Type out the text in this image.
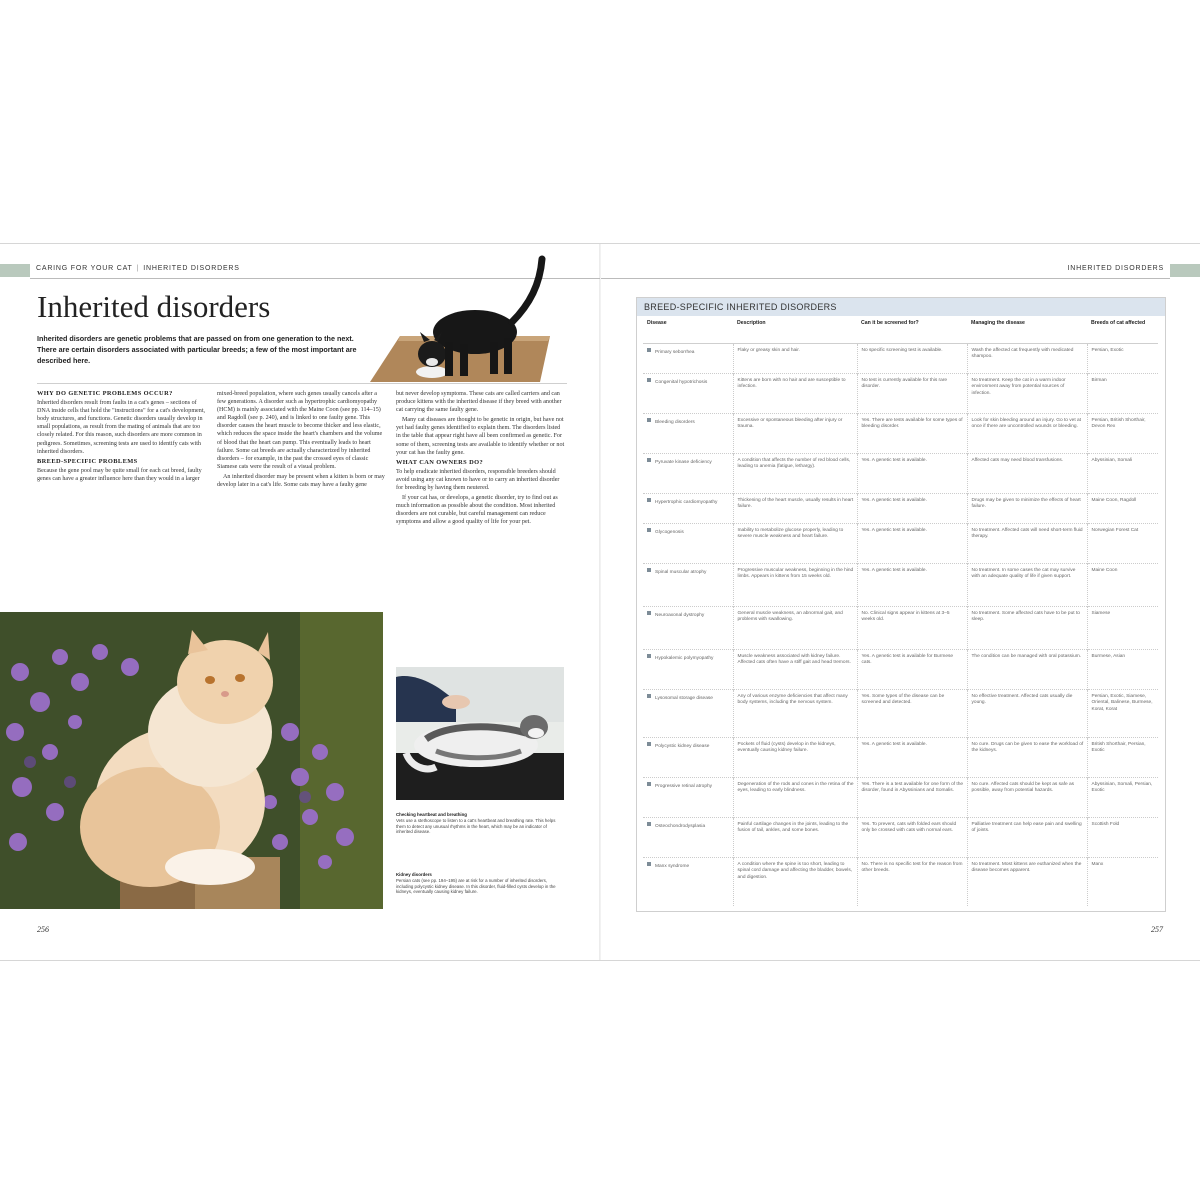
CARING FOR YOUR CAT | INHERITED DISORDERS
Inherited disorders
Inherited disorders are genetic problems that are passed on from one generation to the next. There are certain disorders associated with particular breeds; a few of the most important are described here.
WHY DO GENETIC PROBLEMS OCCUR?

Inherited disorders result from faults in a cat's genes – sections of DNA inside cells that hold the "instructions" for a cat's development, body structures, and functions. Genetic disorders usually develop in small populations, as result from the mating of animals that are too closely related. For this reason, such disorders are more common in pedigrees. Sometimes, screening tests are used to identify cats with inherited disorders.

BREED-SPECIFIC PROBLEMS

Because the gene pool may be quite small for each cat breed, faulty genes can have a greater influence here than they would in a larger

mixed-breed population, where such genes usually cancels after a few generations. A disorder such as hypertrophic cardiomyopathy (HCM) is mainly associated with the Maine Coon (see pp. 114–15) and Ragdoll (see p. 240), and is linked to one faulty gene. This disorder causes the heart muscle to become thicker and less elastic, which reduces the space inside the heart's chambers and the volume of blood that the heart can pump. This eventually leads to heart failure. Some cat breeds are actually characterized by inherited disorders – for example, in the past the crossed eyes of classic Siamese cats were the result of a visual problem.

An inherited disorder may be present when a kitten is born or may develop later in a cat's life. Some cats may have a faulty gene

but never develop symptoms. These cats are called carriers and can produce kittens with the inherited disease if they breed with another cat carrying the same faulty gene.

Many cat diseases are thought to be genetic in origin, but have not yet had faulty genes identified to explain them. The disorders listed in the table that appear right have all been confirmed as genetic. For some of them, screening tests are available to identify whether or not your cat has the faulty gene.

WHAT CAN OWNERS DO?

To help eradicate inherited disorders, responsible breeders should avoid using any cat known to have or to carry an inherited disorder for breeding by having them neutered.

If your cat has, or develops, a genetic disorder, try to find out as much information as possible about the condition. Most inherited disorders are not curable, but careful management can reduce symptoms and allow a good quality of life for your pet.

Checking heartbeat and breathing
Vets use a stethoscope to listen to a cat's heartbeat and breathing rate. This helps them to detect any unusual rhythms in the heart, which may be an indicator of inherited disease.
Kidney disorders
Persian cats (see pp. 194–195) are at risk for a number of inherited disorders, including polycystic kidney disease. In this disorder, fluid-filled cysts develop in the kidneys, eventually causing kidney failure.
256
INHERITED DISORDERS
BREED-SPECIFIC INHERITED DISORDERS
Disease	Description	Can it be screened for?	Managing the disease	Breeds of cat affected
Primary seborrhea	Flaky or greasy skin and hair.	No specific screening test is available.	Wash the affected cat frequently with medicated shampoo.	Persian, Exotic
Congenital hypotrichosis	Kittens are born with no hair and are susceptible to infection.	No test is currently available for this rare disorder.	No treatment. Keep the cat in a warm indoor environment away from potential sources of infection.	Birman
Bleeding disorders	Excessive or spontaneous bleeding after injury or trauma.	Yes. There are tests available for some types of bleeding disorder.	Look for skin bleeding around an injury. Go to vet at once if there are uncontrolled wounds or bleeding.	Persian, British Shorthair, Devon Rex
Pyruvate kinase deficiency	A condition that affects the number of red blood cells, leading to anemia (fatigue, lethargy).	Yes. A genetic test is available.	Affected cats may need blood transfusions.	Abyssinian, Somali
Hypertrophic cardiomyopathy	Thickening of the heart muscle, usually results in heart failure.	Yes. A genetic test is available.	Drugs may be given to minimize the effects of heart failure.	Maine Coon, Ragdoll
Glycogenosis	Inability to metabolize glucose properly, leading to severe muscle weakness and heart failure.	Yes. A genetic test is available.	No treatment. Affected cats will need short-term fluid therapy.	Norwegian Forest Cat
Spinal muscular atrophy	Progressive muscular weakness, beginning in the hind limbs. Appears in kittens from 15 weeks old.	Yes. A genetic test is available.	No treatment. In some cases the cat may survive with an adequate quality of life if given support.	Maine Coon
Neuroaxonal dystrophy	General muscle weakness, an abnormal gait, and problems with swallowing.	No. Clinical signs appear in kittens at 3–5 weeks old.	No treatment. Some affected cats have to be put to sleep.	Siamese
Hypokalemic polymyopathy	Muscle weakness associated with kidney failure. Affected cats often have a stiff gait and head tremors.	Yes. A genetic test is available for Burmese cats.	The condition can be managed with oral potassium.	Burmese, Asian
Lysosomal storage disease	Any of various enzyme deficiencies that affect many body systems, including the nervous system.	Yes. Some types of the disease can be screened and detected.	No effective treatment. Affected cats usually die young.	Persian, Exotic, Siamese, Oriental, Balinese, Burmese, Korat, Korat
Polycystic kidney disease	Pockets of fluid (cysts) develop in the kidneys, eventually causing kidney failure.	Yes. A genetic test is available.	No cure. Drugs can be given to ease the workload of the kidneys.	British Shorthair, Persian, Exotic
Progressive retinal atrophy	Degeneration of the rods and cones in the retina of the eyes, leading to early blindness.	Yes. There is a test available for one form of the disorder, found in Abyssinians and Somalis.	No cure. Affected cats should be kept as safe as possible, away from potential hazards.	Abyssinian, Somali, Persian, Exotic
Osteochondrodysplasia	Painful cartilage changes in the joints, leading to the fusion of tail, ankles, and some bones.	Yes. To prevent, cats with folded ears should only be crossed with cats with normal ears.	Palliative treatment can help ease pain and swelling of joints.	Scottish Fold
Manx syndrome	A condition where the spine is too short, leading to spinal cord damage and affecting the bladder, bowels, and digestion.	No. There is no specific test for the reason from other breeds.	No treatment. Most kittens are euthanized when the disease becomes apparent.	Manx
257
